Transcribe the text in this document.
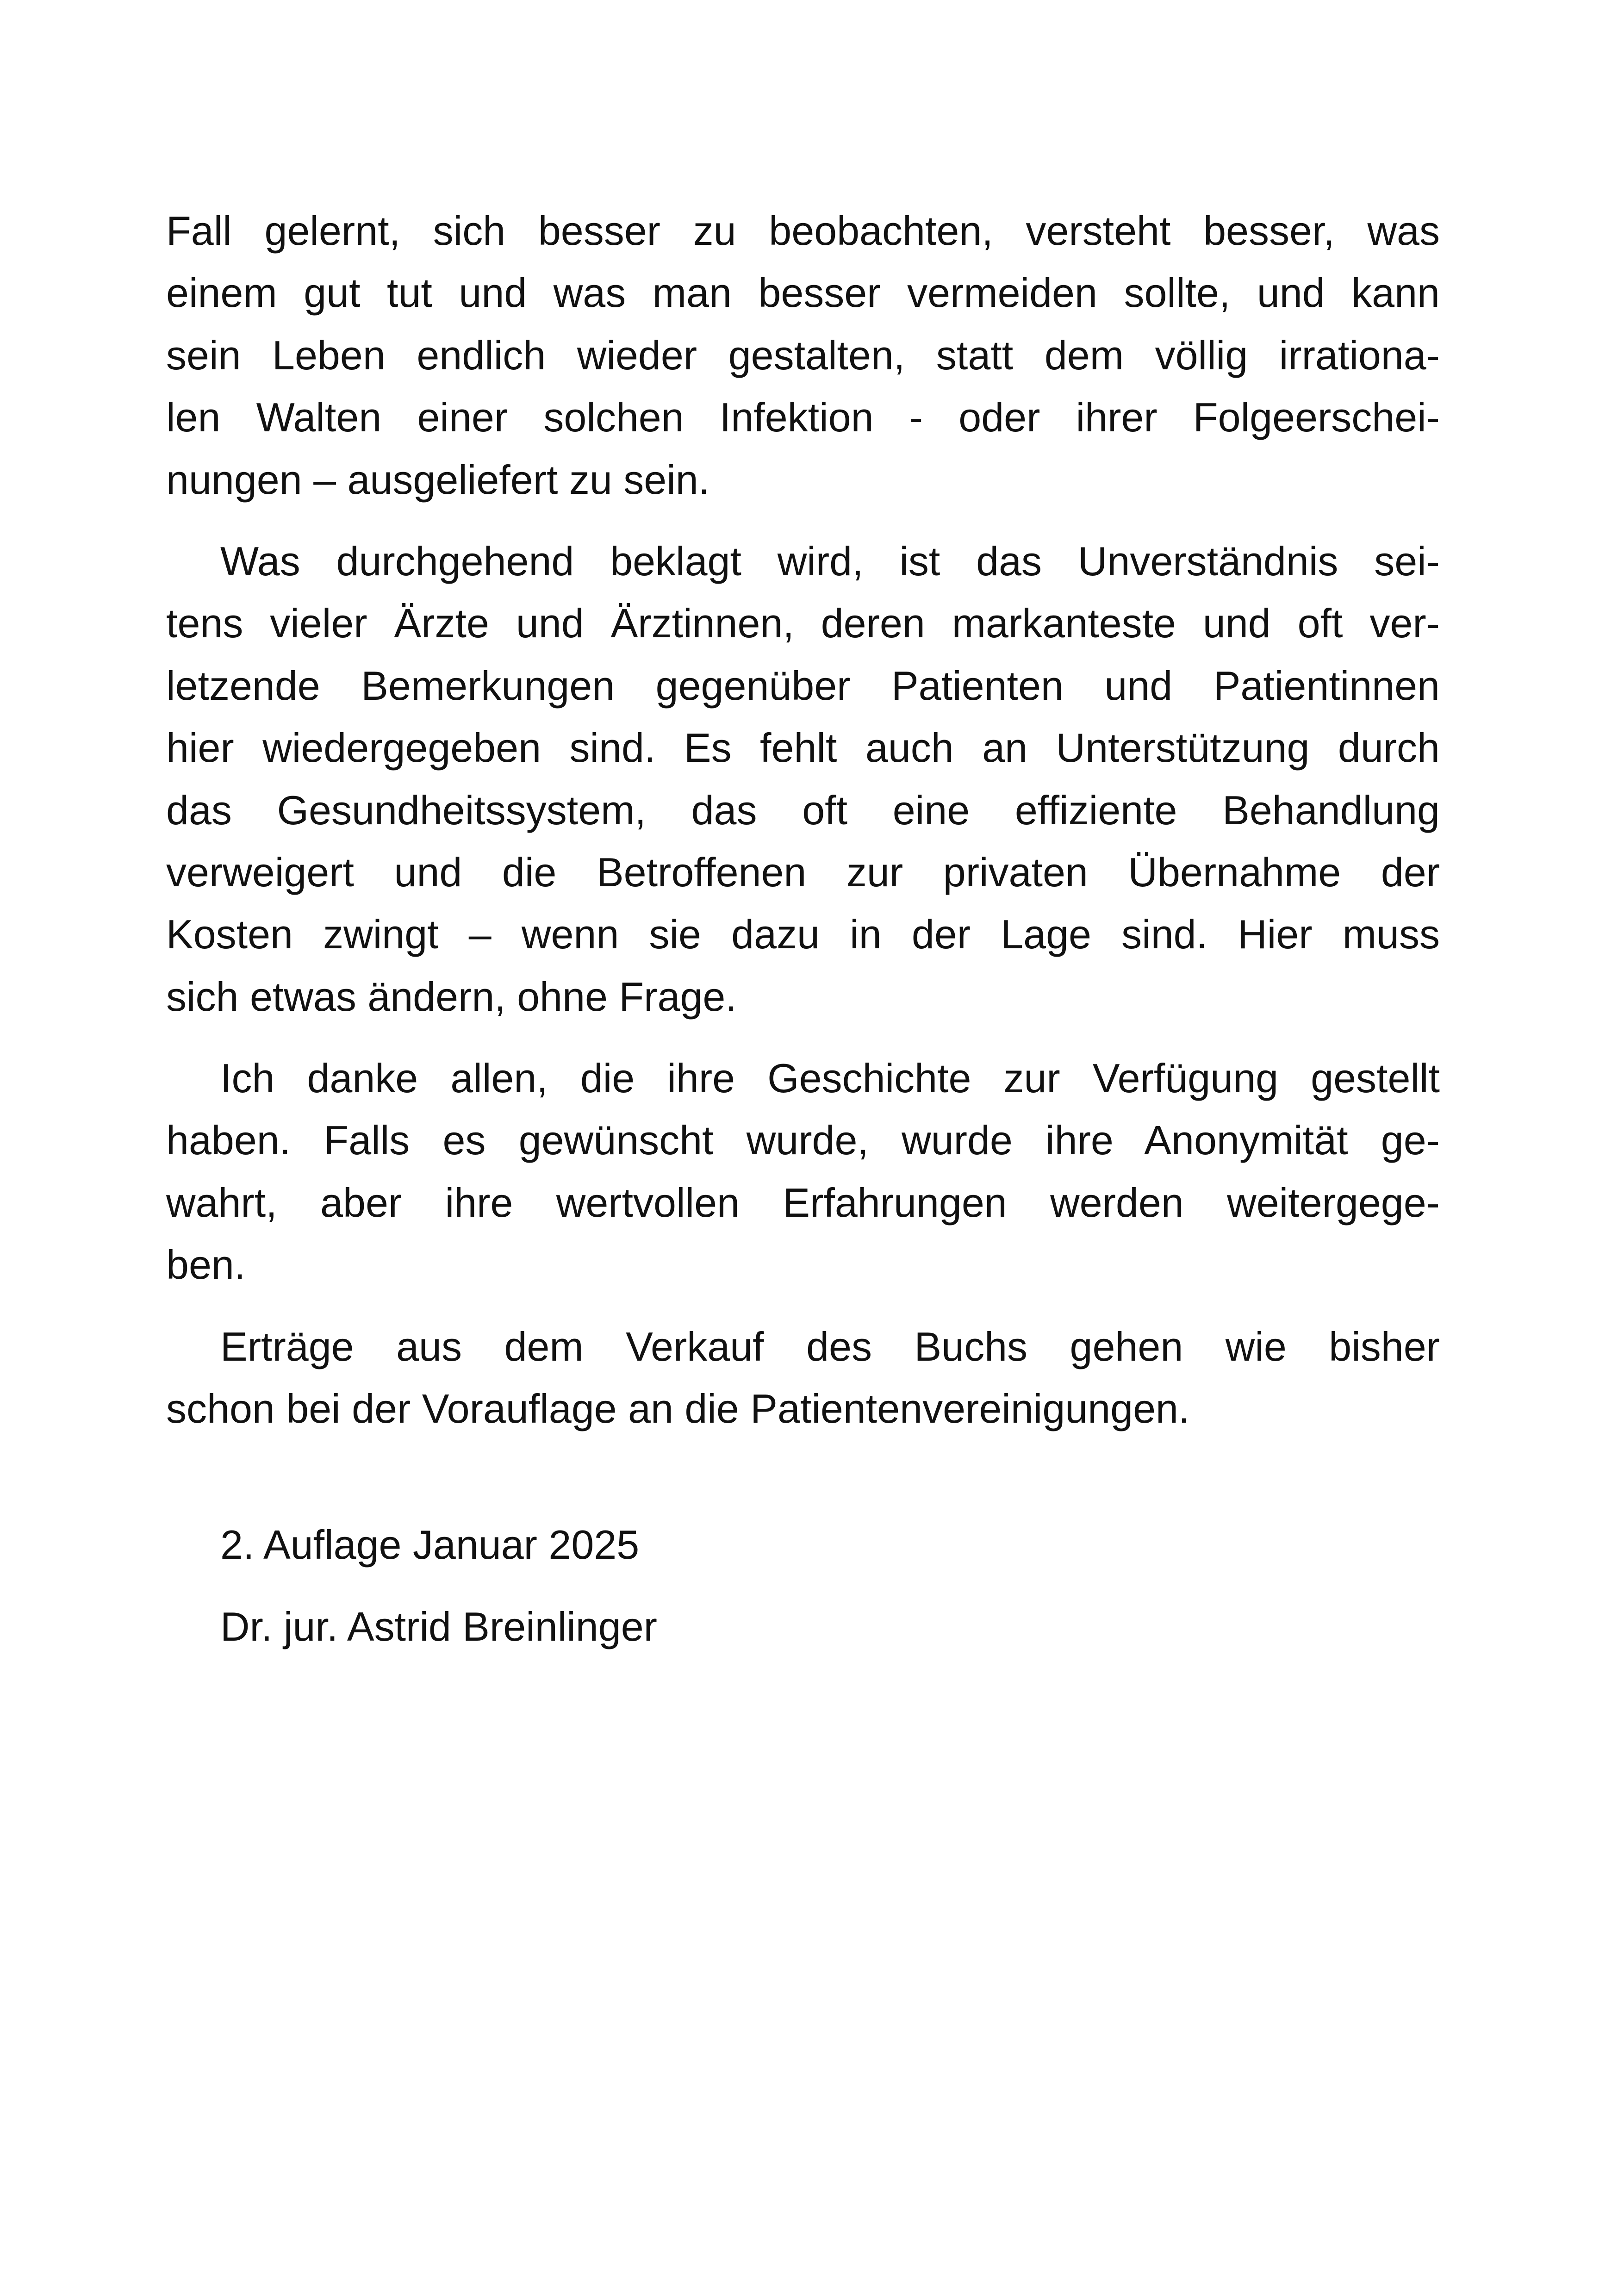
Fall gelernt, sich besser zu beobachten, versteht besser, was
einem gut tut und was man besser vermeiden sollte, und kann
sein Leben endlich wieder gestalten, statt dem völlig irrationa-
len Walten einer solchen Infektion - oder ihrer Folgeerschei-
nungen – ausgeliefert zu sein.
Was durchgehend beklagt wird, ist das Unverständnis sei-
tens vieler Ärzte und Ärztinnen, deren markanteste und oft ver-
letzende Bemerkungen gegenüber Patienten und Patientinnen
hier wiedergegeben sind. Es fehlt auch an Unterstützung durch
das Gesundheitssystem, das oft eine effiziente Behandlung
verweigert und die Betroffenen zur privaten Übernahme der
Kosten zwingt – wenn sie dazu in der Lage sind. Hier muss
sich etwas ändern, ohne Frage.
Ich danke allen, die ihre Geschichte zur Verfügung gestellt
haben. Falls es gewünscht wurde, wurde ihre Anonymität ge-
wahrt, aber ihre wertvollen Erfahrungen werden weitergege-
ben.
Erträge aus dem Verkauf des Buchs gehen wie bisher
schon bei der Vorauflage an die Patientenvereinigungen.
2. Auflage Januar 2025
Dr. jur. Astrid Breinlinger
